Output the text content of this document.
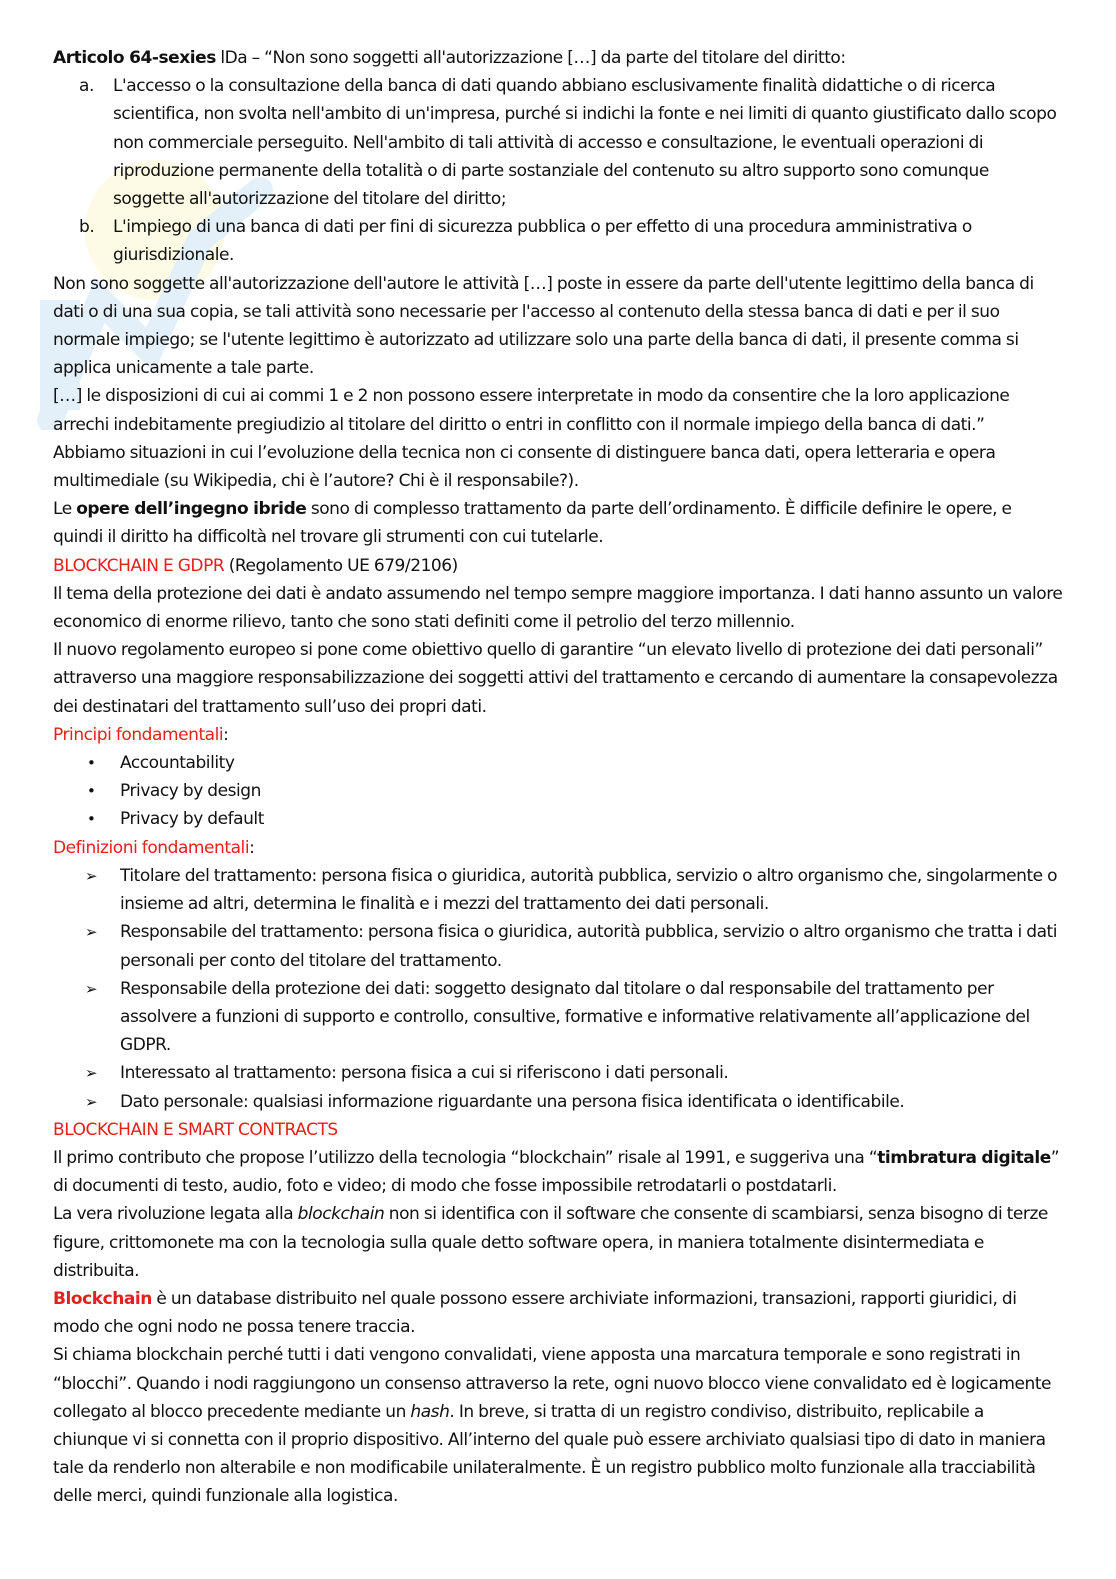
Articolo 64-sexies lDa – “Non sono soggetti all'autorizzazione […] da parte del titolare del diritto:

a. L'accesso o la consultazione della banca di dati quando abbiano esclusivamente finalità didattiche o di ricerca scientifica, non svolta nell'ambito di un'impresa, purché si indichi la fonte e nei limiti di quanto giustificato dallo scopo non commerciale perseguito. Nell'ambito di tali attività di accesso e consultazione, le eventuali operazioni di riproduzione permanente della totalità o di parte sostanziale del contenuto su altro supporto sono comunque soggette all'autorizzazione del titolare del diritto;
b. L'impiego di una banca di dati per fini di sicurezza pubblica o per effetto di una procedura amministrativa o giurisdizionale.

Non sono soggette all'autorizzazione dell'autore le attività […] poste in essere da parte dell'utente legittimo della banca di dati o di una sua copia, se tali attività sono necessarie per l'accesso al contenuto della stessa banca di dati e per il suo normale impiego; se l'utente legittimo è autorizzato ad utilizzare solo una parte della banca di dati, il presente comma si applica unicamente a tale parte.

[…] le disposizioni di cui ai commi 1 e 2 non possono essere interpretate in modo da consentire che la loro applicazione arrechi indebitamente pregiudizio al titolare del diritto o entri in conflitto con il normale impiego della banca di dati.”

Abbiamo situazioni in cui l’evoluzione della tecnica non ci consente di distinguere banca dati, opera letteraria e opera multimediale (su Wikipedia, chi è l’autore? Chi è il responsabile?).

Le opere dell’ingegno ibride sono di complesso trattamento da parte dell’ordinamento. È difficile definire le opere, e quindi il diritto ha difficoltà nel trovare gli strumenti con cui tutelarle.

BLOCKCHAIN E GDPR (Regolamento UE 679/2106)

Il tema della protezione dei dati è andato assumendo nel tempo sempre maggiore importanza. I dati hanno assunto un valore economico di enorme rilievo, tanto che sono stati definiti come il petrolio del terzo millennio.

Il nuovo regolamento europeo si pone come obiettivo quello di garantire “un elevato livello di protezione dei dati personali” attraverso una maggiore responsabilizzazione dei soggetti attivi del trattamento e cercando di aumentare la consapevolezza dei destinatari del trattamento sull’uso dei propri dati.

Principi fondamentali:

• Accountability
• Privacy by design
• Privacy by default

Definizioni fondamentali:

➢ Titolare del trattamento: persona fisica o giuridica, autorità pubblica, servizio o altro organismo che, singolarmente o insieme ad altri, determina le finalità e i mezzi del trattamento dei dati personali.
➢ Responsabile del trattamento: persona fisica o giuridica, autorità pubblica, servizio o altro organismo che tratta i dati personali per conto del titolare del trattamento.
➢ Responsabile della protezione dei dati: soggetto designato dal titolare o dal responsabile del trattamento per assolvere a funzioni di supporto e controllo, consultive, formative e informative relativamente all’applicazione del GDPR.
➢ Interessato al trattamento: persona fisica a cui si riferiscono i dati personali.
➢ Dato personale: qualsiasi informazione riguardante una persona fisica identificata o identificabile.

BLOCKCHAIN E SMART CONTRACTS

Il primo contributo che propose l’utilizzo della tecnologia “blockchain” risale al 1991, e suggeriva una “timbratura digitale” di documenti di testo, audio, foto e video; di modo che fosse impossibile retrodatarli o postdatarli.

La vera rivoluzione legata alla blockchain non si identifica con il software che consente di scambiarsi, senza bisogno di terze figure, crittomonete ma con la tecnologia sulla quale detto software opera, in maniera totalmente disintermediata e distribuita.

Blockchain è un database distribuito nel quale possono essere archiviate informazioni, transazioni, rapporti giuridici, di modo che ogni nodo ne possa tenere traccia.

Si chiama blockchain perché tutti i dati vengono convalidati, viene apposta una marcatura temporale e sono registrati in “blocchi”. Quando i nodi raggiungono un consenso attraverso la rete, ogni nuovo blocco viene convalidato ed è logicamente collegato al blocco precedente mediante un hash. In breve, si tratta di un registro condiviso, distribuito, replicabile a chiunque vi si connetta con il proprio dispositivo. All’interno del quale può essere archiviato qualsiasi tipo di dato in maniera tale da renderlo non alterabile e non modificabile unilateralmente. È un registro pubblico molto funzionale alla tracciabilità delle merci, quindi funzionale alla logistica.
